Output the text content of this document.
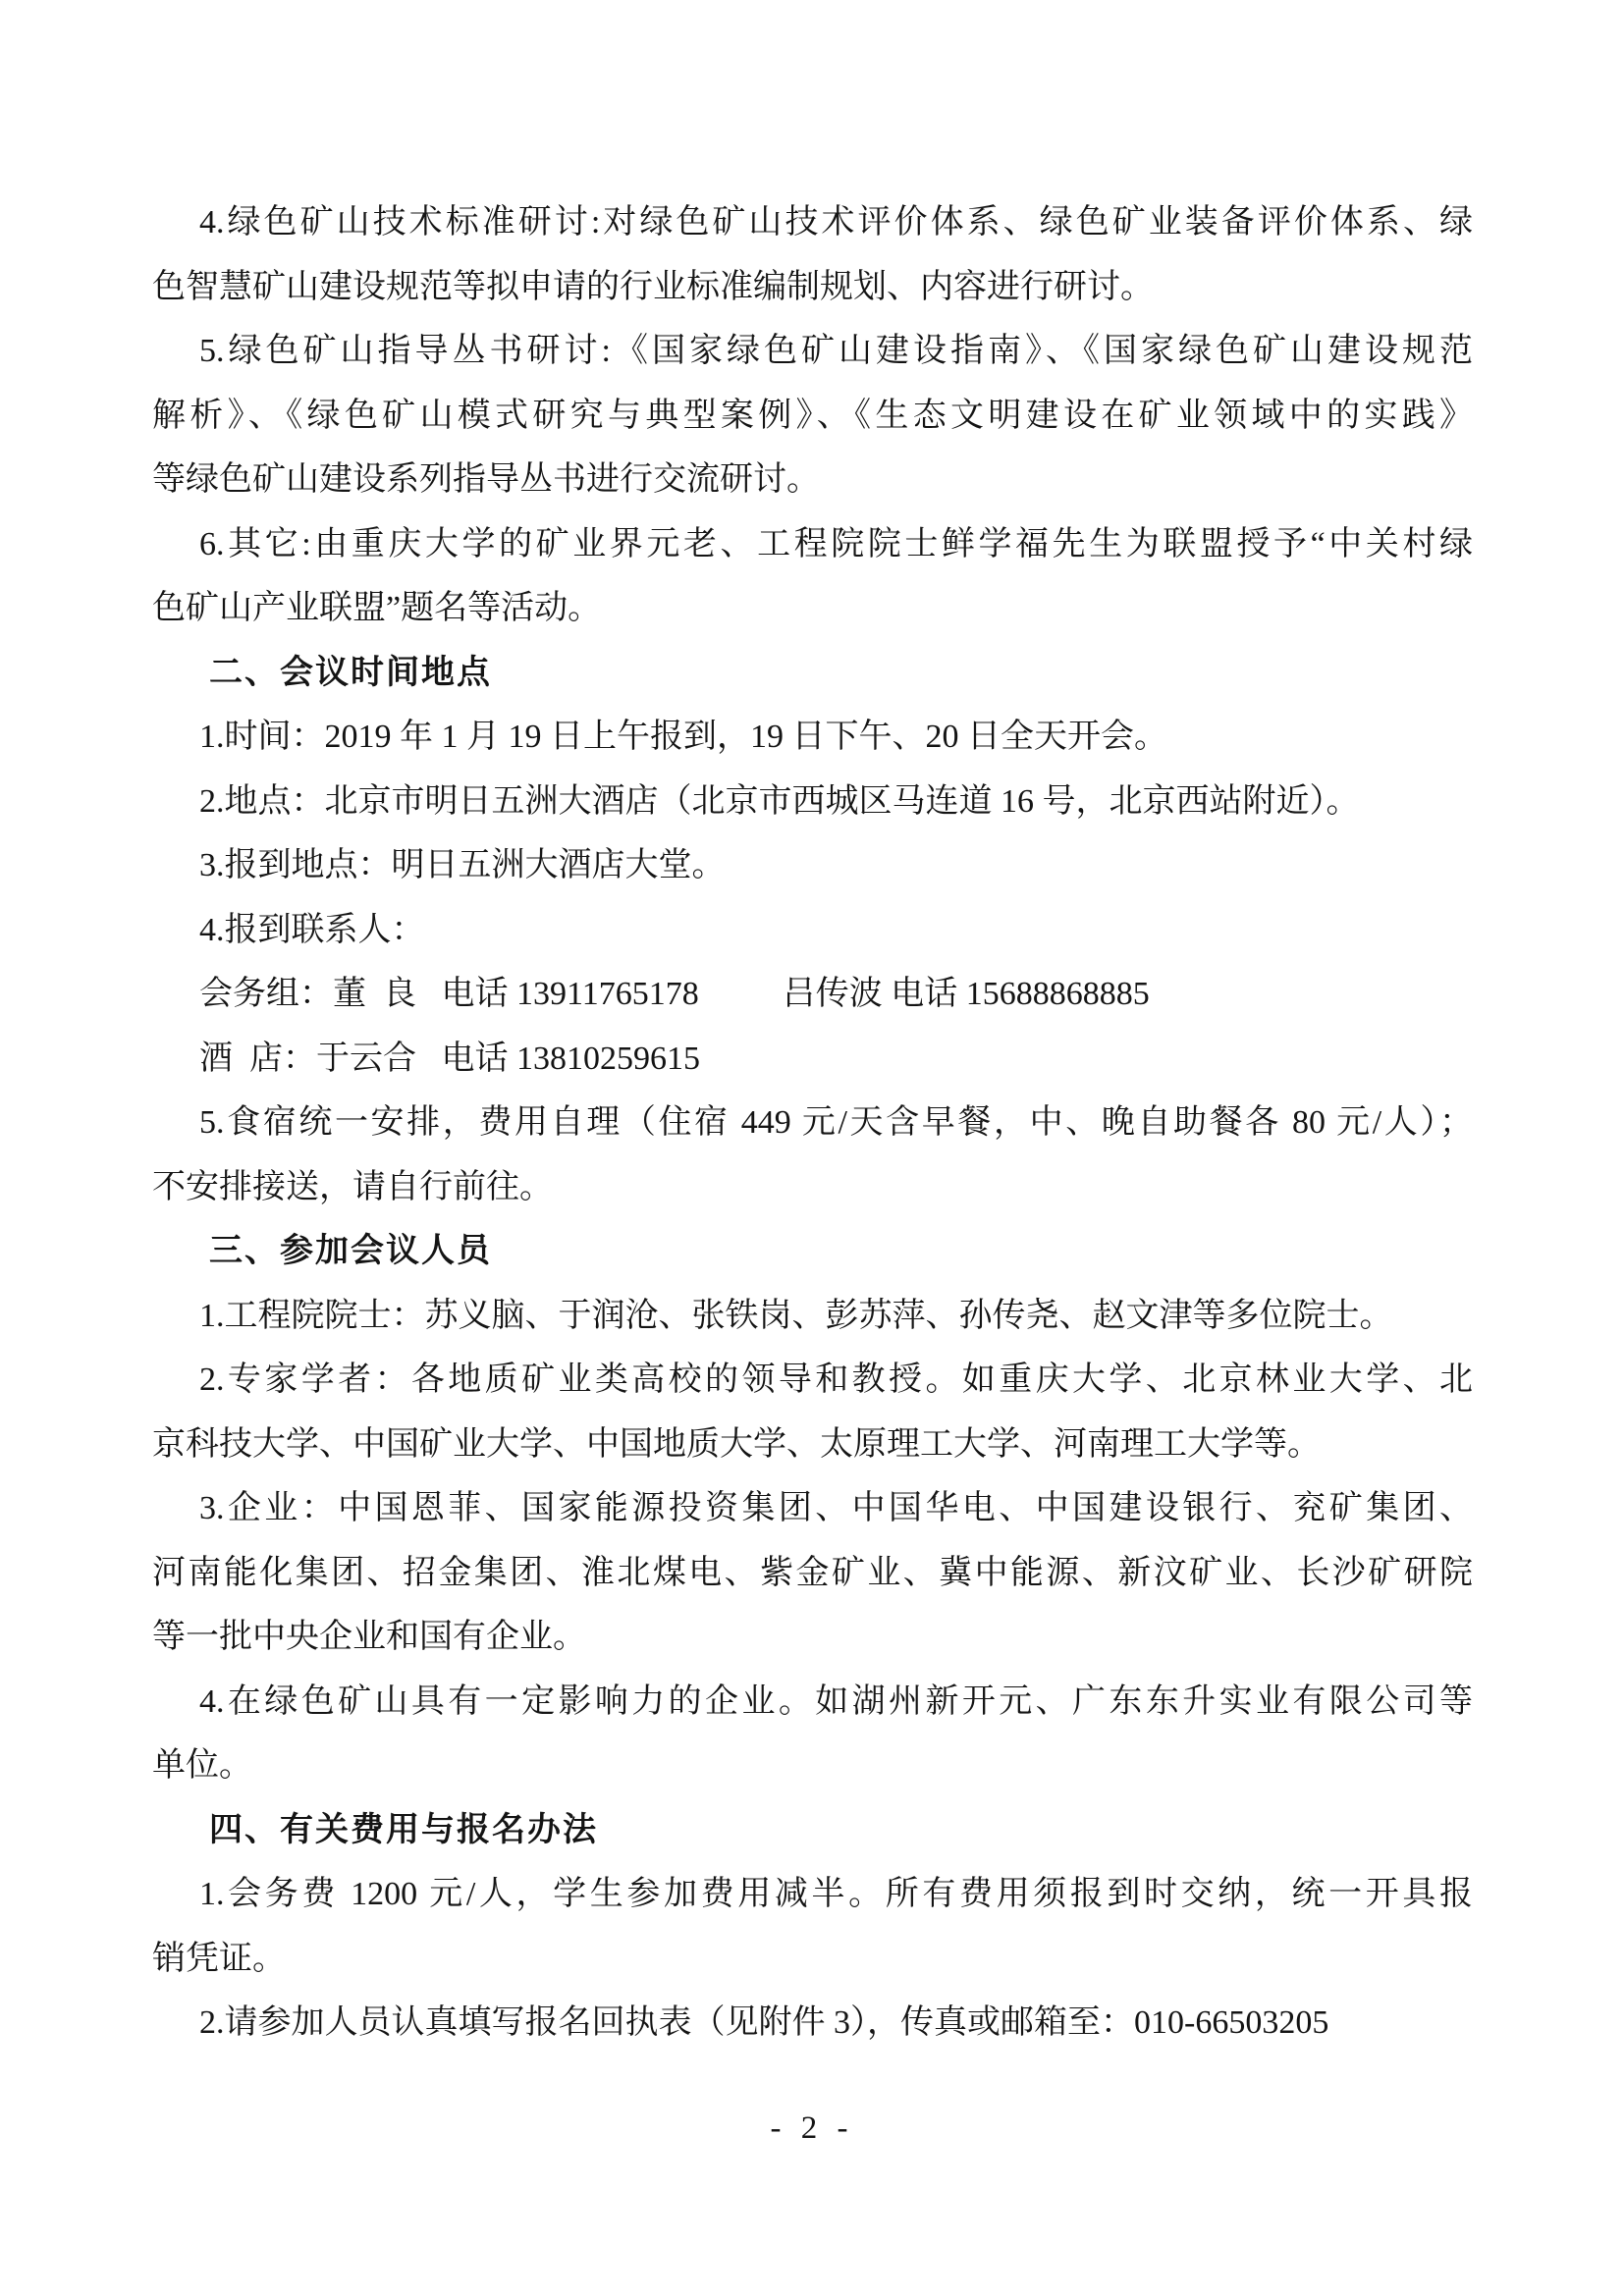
4.绿色矿山技术标准研讨:对绿色矿山技术评价体系、绿色矿业装备评价体系、绿
色智慧矿山建设规范等拟申请的行业标准编制规划、内容进行研讨。
5.绿色矿山指导丛书研讨:《国家绿色矿山建设指南》、《国家绿色矿山建设规范
解析》、《绿色矿山模式研究与典型案例》、《生态文明建设在矿业领域中的实践》
等绿色矿山建设系列指导丛书进行交流研讨。
6.其它:由重庆大学的矿业界元老、工程院院士鲜学福先生为联盟授予“中关村绿
色矿山产业联盟”题名等活动。
二、会议时间地点
1.时间：2019 年 1 月 19 日上午报到，19 日下午、20 日全天开会。
2.地点：北京市明日五洲大酒店（北京市西城区马连道 16 号，北京西站附近）。
3.报到地点：明日五洲大酒店大堂。
4.报到联系人：
会务组：董  良   电话 13911765178          吕传波 电话 15688868885
酒  店：于云合   电话 13810259615
5.食宿统一安排，费用自理（住宿 449 元/天含早餐，中、晚自助餐各 80 元/人）；
不安排接送，请自行前往。
三、参加会议人员
1.工程院院士：苏义脑、于润沧、张铁岗、彭苏萍、孙传尧、赵文津等多位院士。
2.专家学者：各地质矿业类高校的领导和教授。如重庆大学、北京林业大学、北
京科技大学、中国矿业大学、中国地质大学、太原理工大学、河南理工大学等。
3.企业：中国恩菲、国家能源投资集团、中国华电、中国建设银行、兖矿集团、
河南能化集团、招金集团、淮北煤电、紫金矿业、冀中能源、新汶矿业、长沙矿研院
等一批中央企业和国有企业。
4.在绿色矿山具有一定影响力的企业。如湖州新开元、广东东升实业有限公司等
单位。
四、有关费用与报名办法
1.会务费 1200 元/人，学生参加费用减半。所有费用须报到时交纳，统一开具报
销凭证。
2.请参加人员认真填写报名回执表（见附件 3），传真或邮箱至：010-66503205
- 2 -
